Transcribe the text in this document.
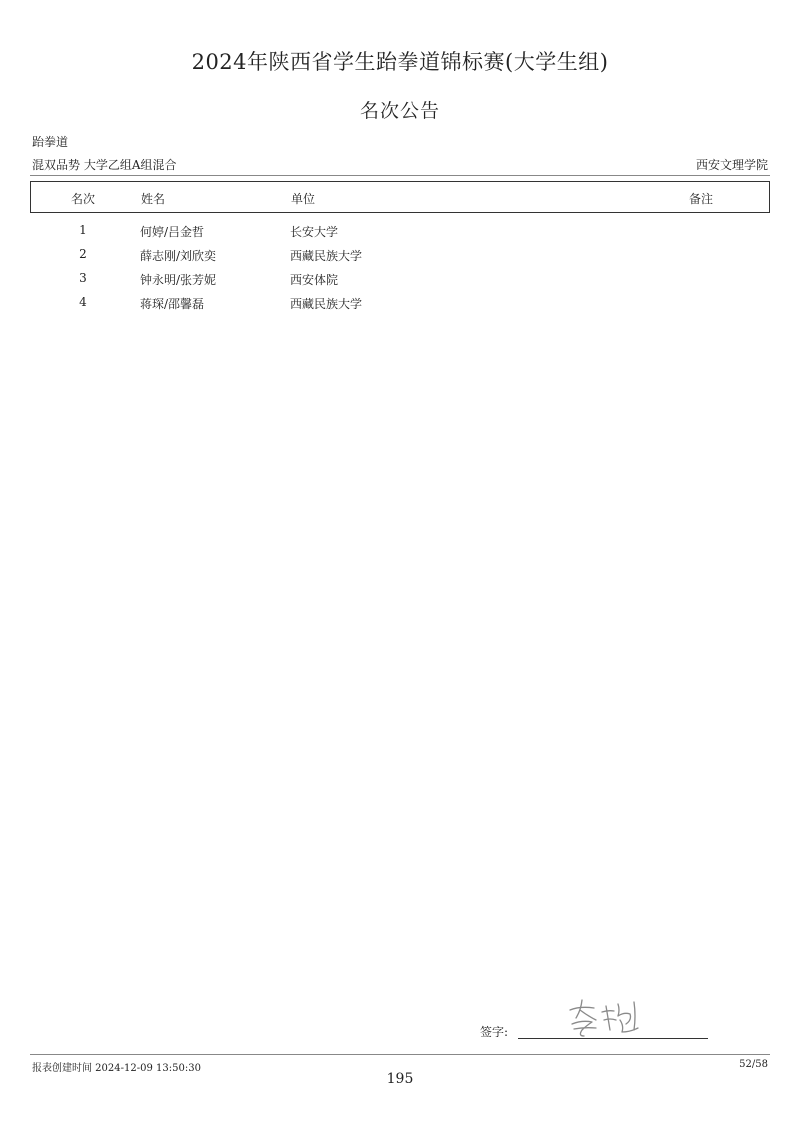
2024年陕西省学生跆拳道锦标赛(大学生组)
名次公告
跆拳道
混双品势 大学乙组A组混合	西安文理学院
名次	姓名	单位	备注
1	何婷/吕金哲	长安大学
2	薛志刚/刘欣奕	西藏民族大学
3	钟永明/张芳妮	西安体院
4	蒋琛/邵馨磊	西藏民族大学
签字:
报表创建时间 2024-12-09 13:50:30	52/58
195
